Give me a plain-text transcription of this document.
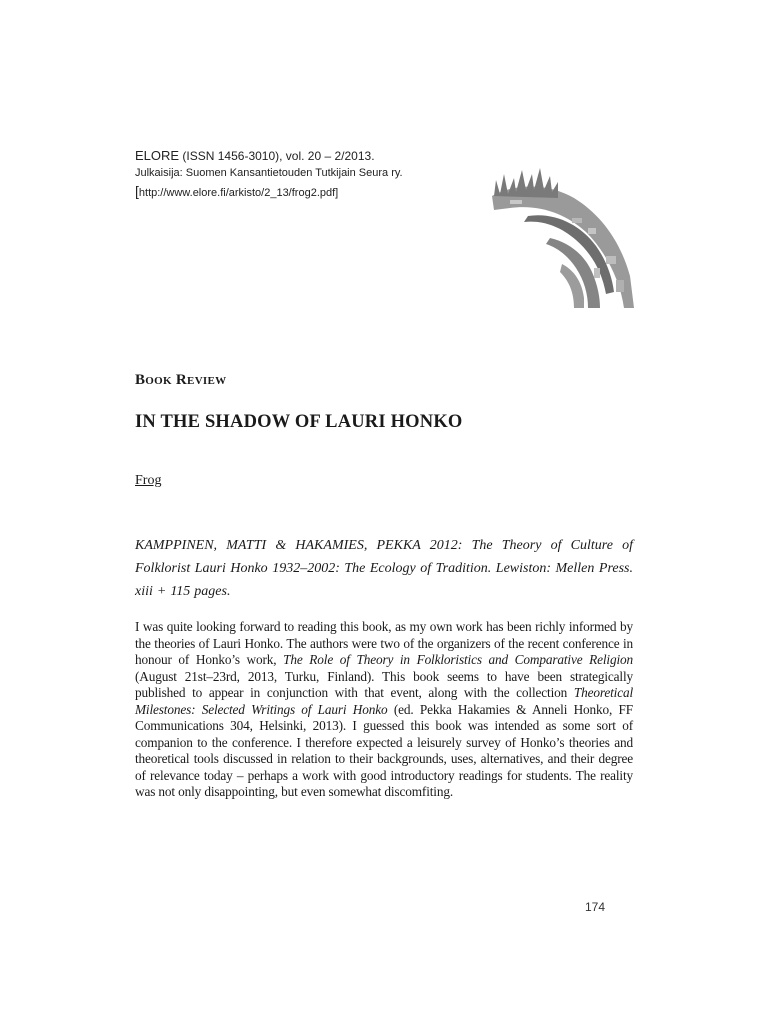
ELORE (ISSN 1456-3010), vol. 20 – 2/2013.
Julkaisija: Suomen Kansantietouden Tutkijain Seura ry.
[http://www.elore.fi/arkisto/2_13/frog2.pdf]
Book Review
IN THE SHADOW OF LAURI HONKO
Frog
KAMPPINEN, MATTI & HAKAMIES, PEKKA 2012: The Theory of Culture of Folklorist Lauri Honko 1932–2002: The Ecology of Tradition. Lewiston: Mellen Press. xiii + 115 pages.
I was quite looking forward to reading this book, as my own work has been richly informed by the theories of Lauri Honko. The authors were two of the organizers of the recent conference in honour of Honko’s work, The Role of Theory in Folkloristics and Comparative Religion (August 21st–23rd, 2013, Turku, Finland). This book seems to have been strategically published to appear in conjunction with that event, along with the collection Theoretical Milestones: Selected Writings of Lauri Honko (ed. Pekka Hakamies & Anneli Honko, FF Communications 304, Helsinki, 2013). I guessed this book was intended as some sort of companion to the conference. I therefore expected a leisurely survey of Honko’s theories and theoretical tools discussed in relation to their backgrounds, uses, alternatives, and their degree of relevance today – perhaps a work with good introductory readings for students. The reality was not only disappointing, but even somewhat discomfiting.
174
